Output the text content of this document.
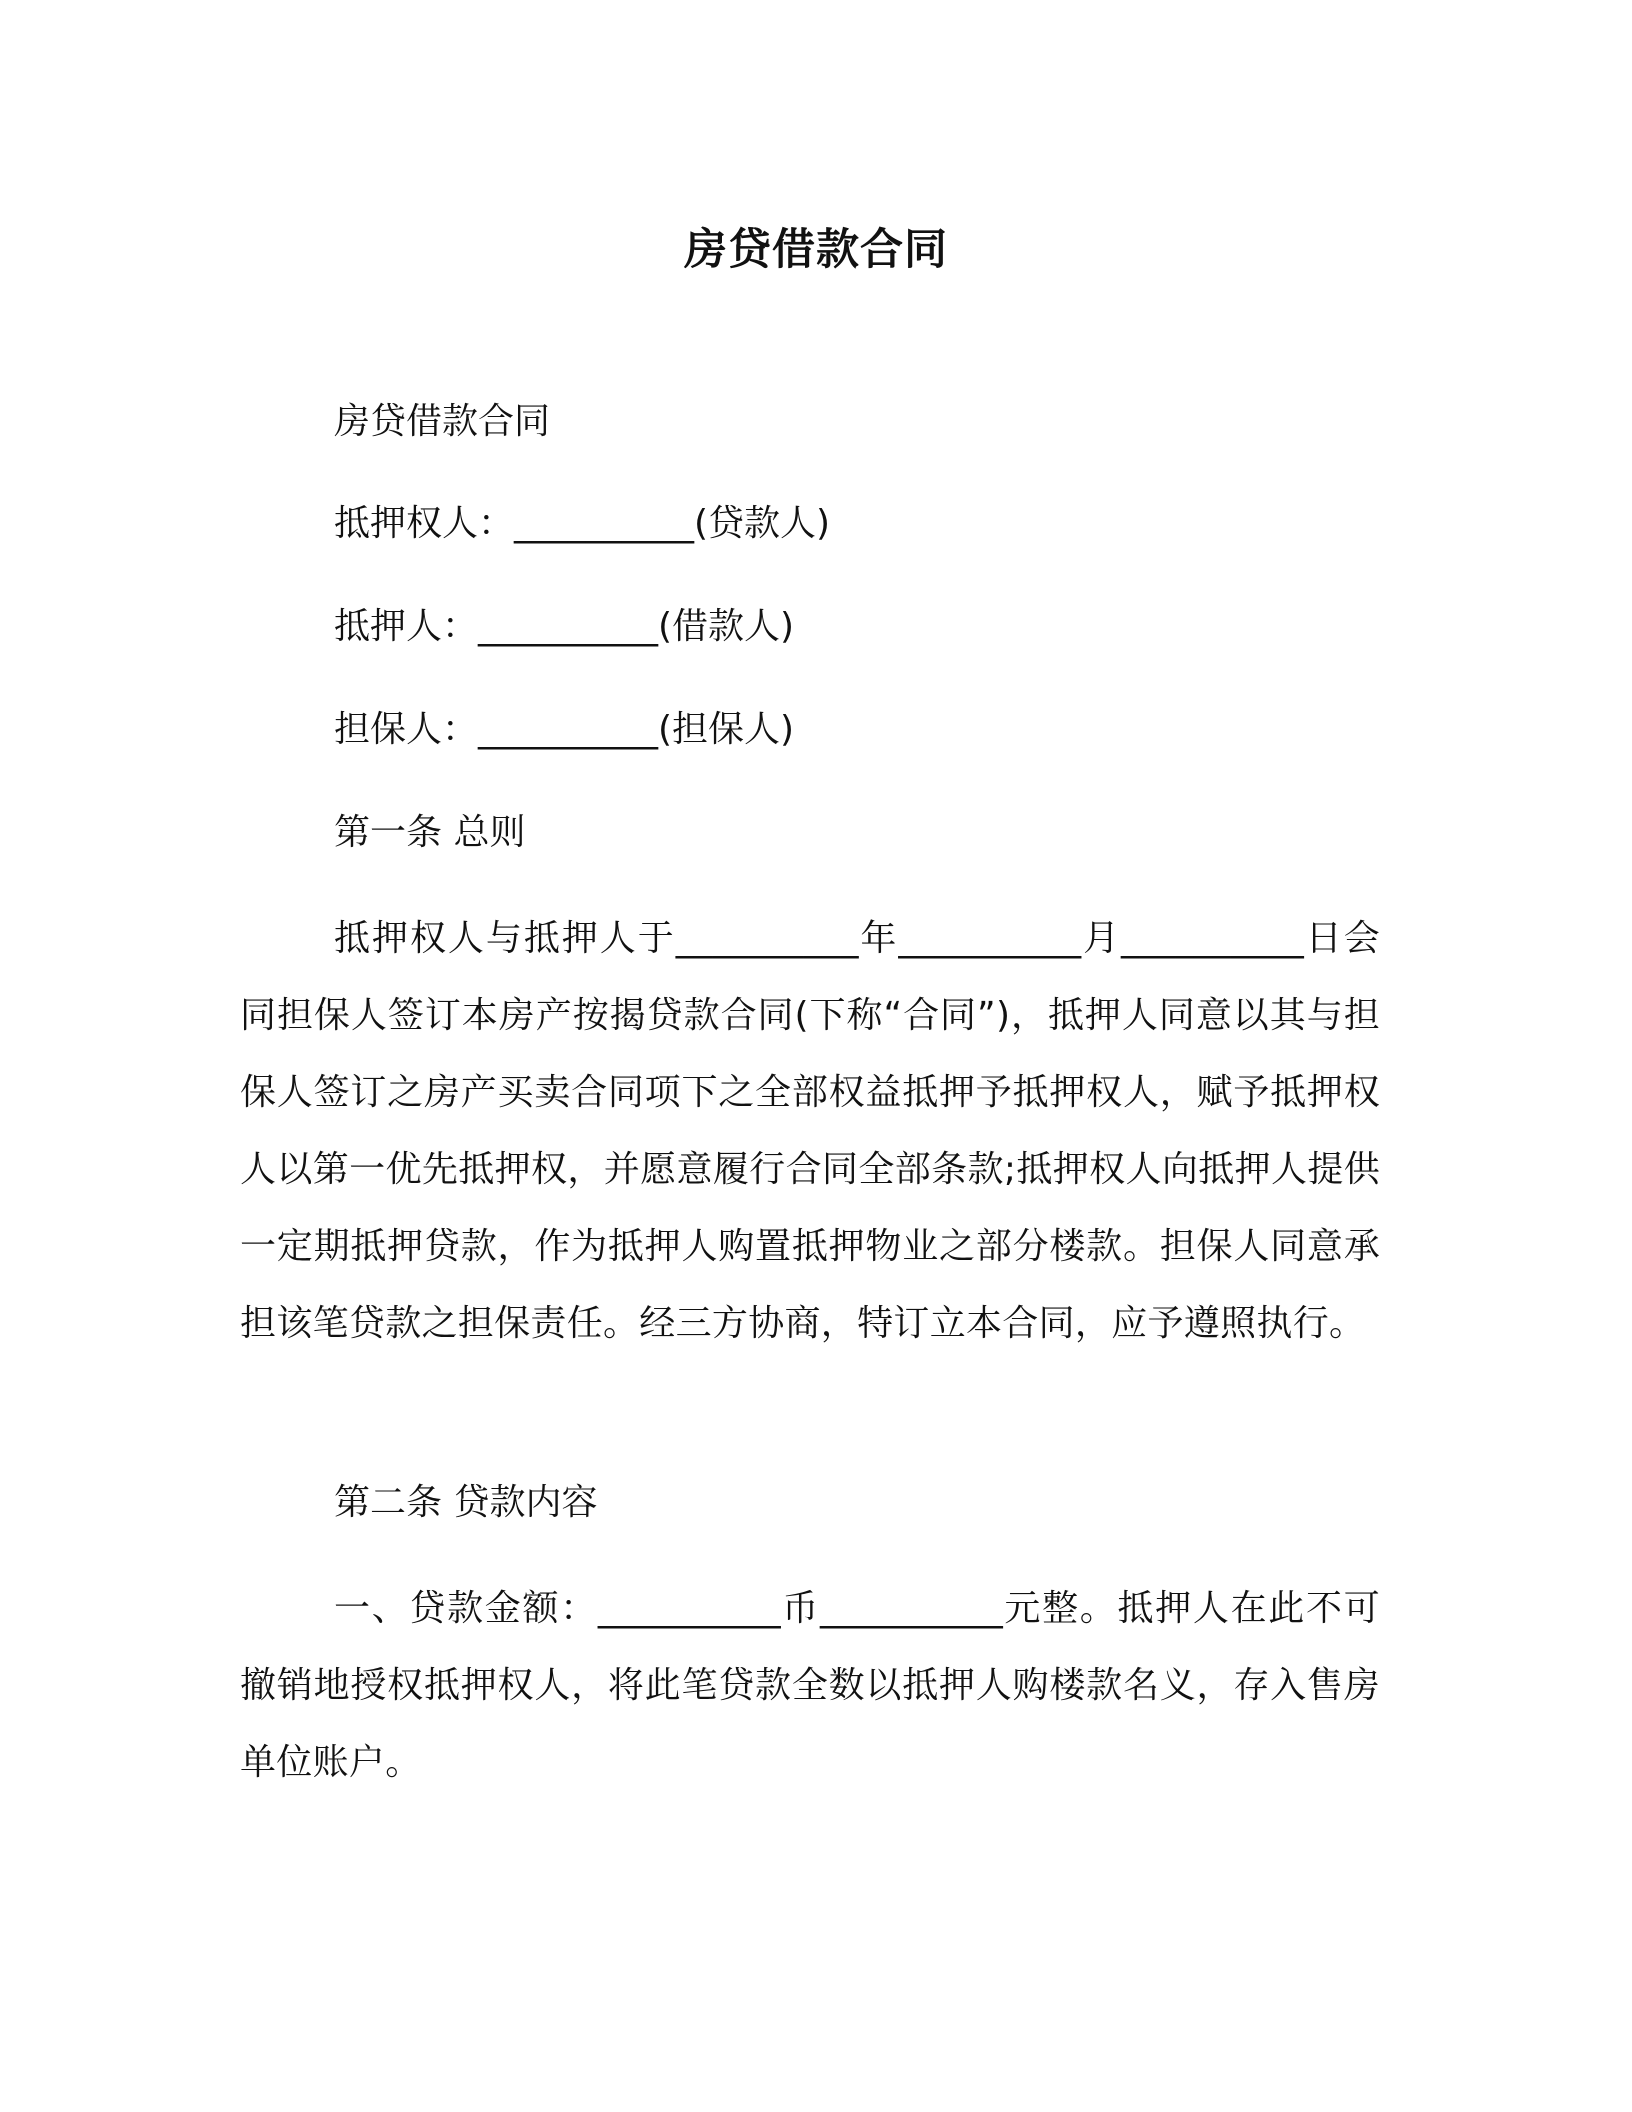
房贷借款合同
房贷借款合同
抵押权人：__________(贷款人)
抵押人：__________(借款人)
担保人：__________(担保人)
第一条 总则
抵押权人与抵押人于__________年__________月__________日会同担保人签订本房产按揭贷款合同(下称“合同”)，抵押人同意以其与担保人签订之房产买卖合同项下之全部权益抵押予抵押权人，赋予抵押权人以第一优先抵押权，并愿意履行合同全部条款;抵押权人向抵押人提供一定期抵押贷款，作为抵押人购置抵押物业之部分楼款。担保人同意承担该笔贷款之担保责任。经三方协商，特订立本合同，应予遵照执行。
第二条 贷款内容
一、贷款金额：__________币__________元整。抵押人在此不可撤销地授权抵押权人，将此笔贷款全数以抵押人购楼款名义，存入售房单位账户。
